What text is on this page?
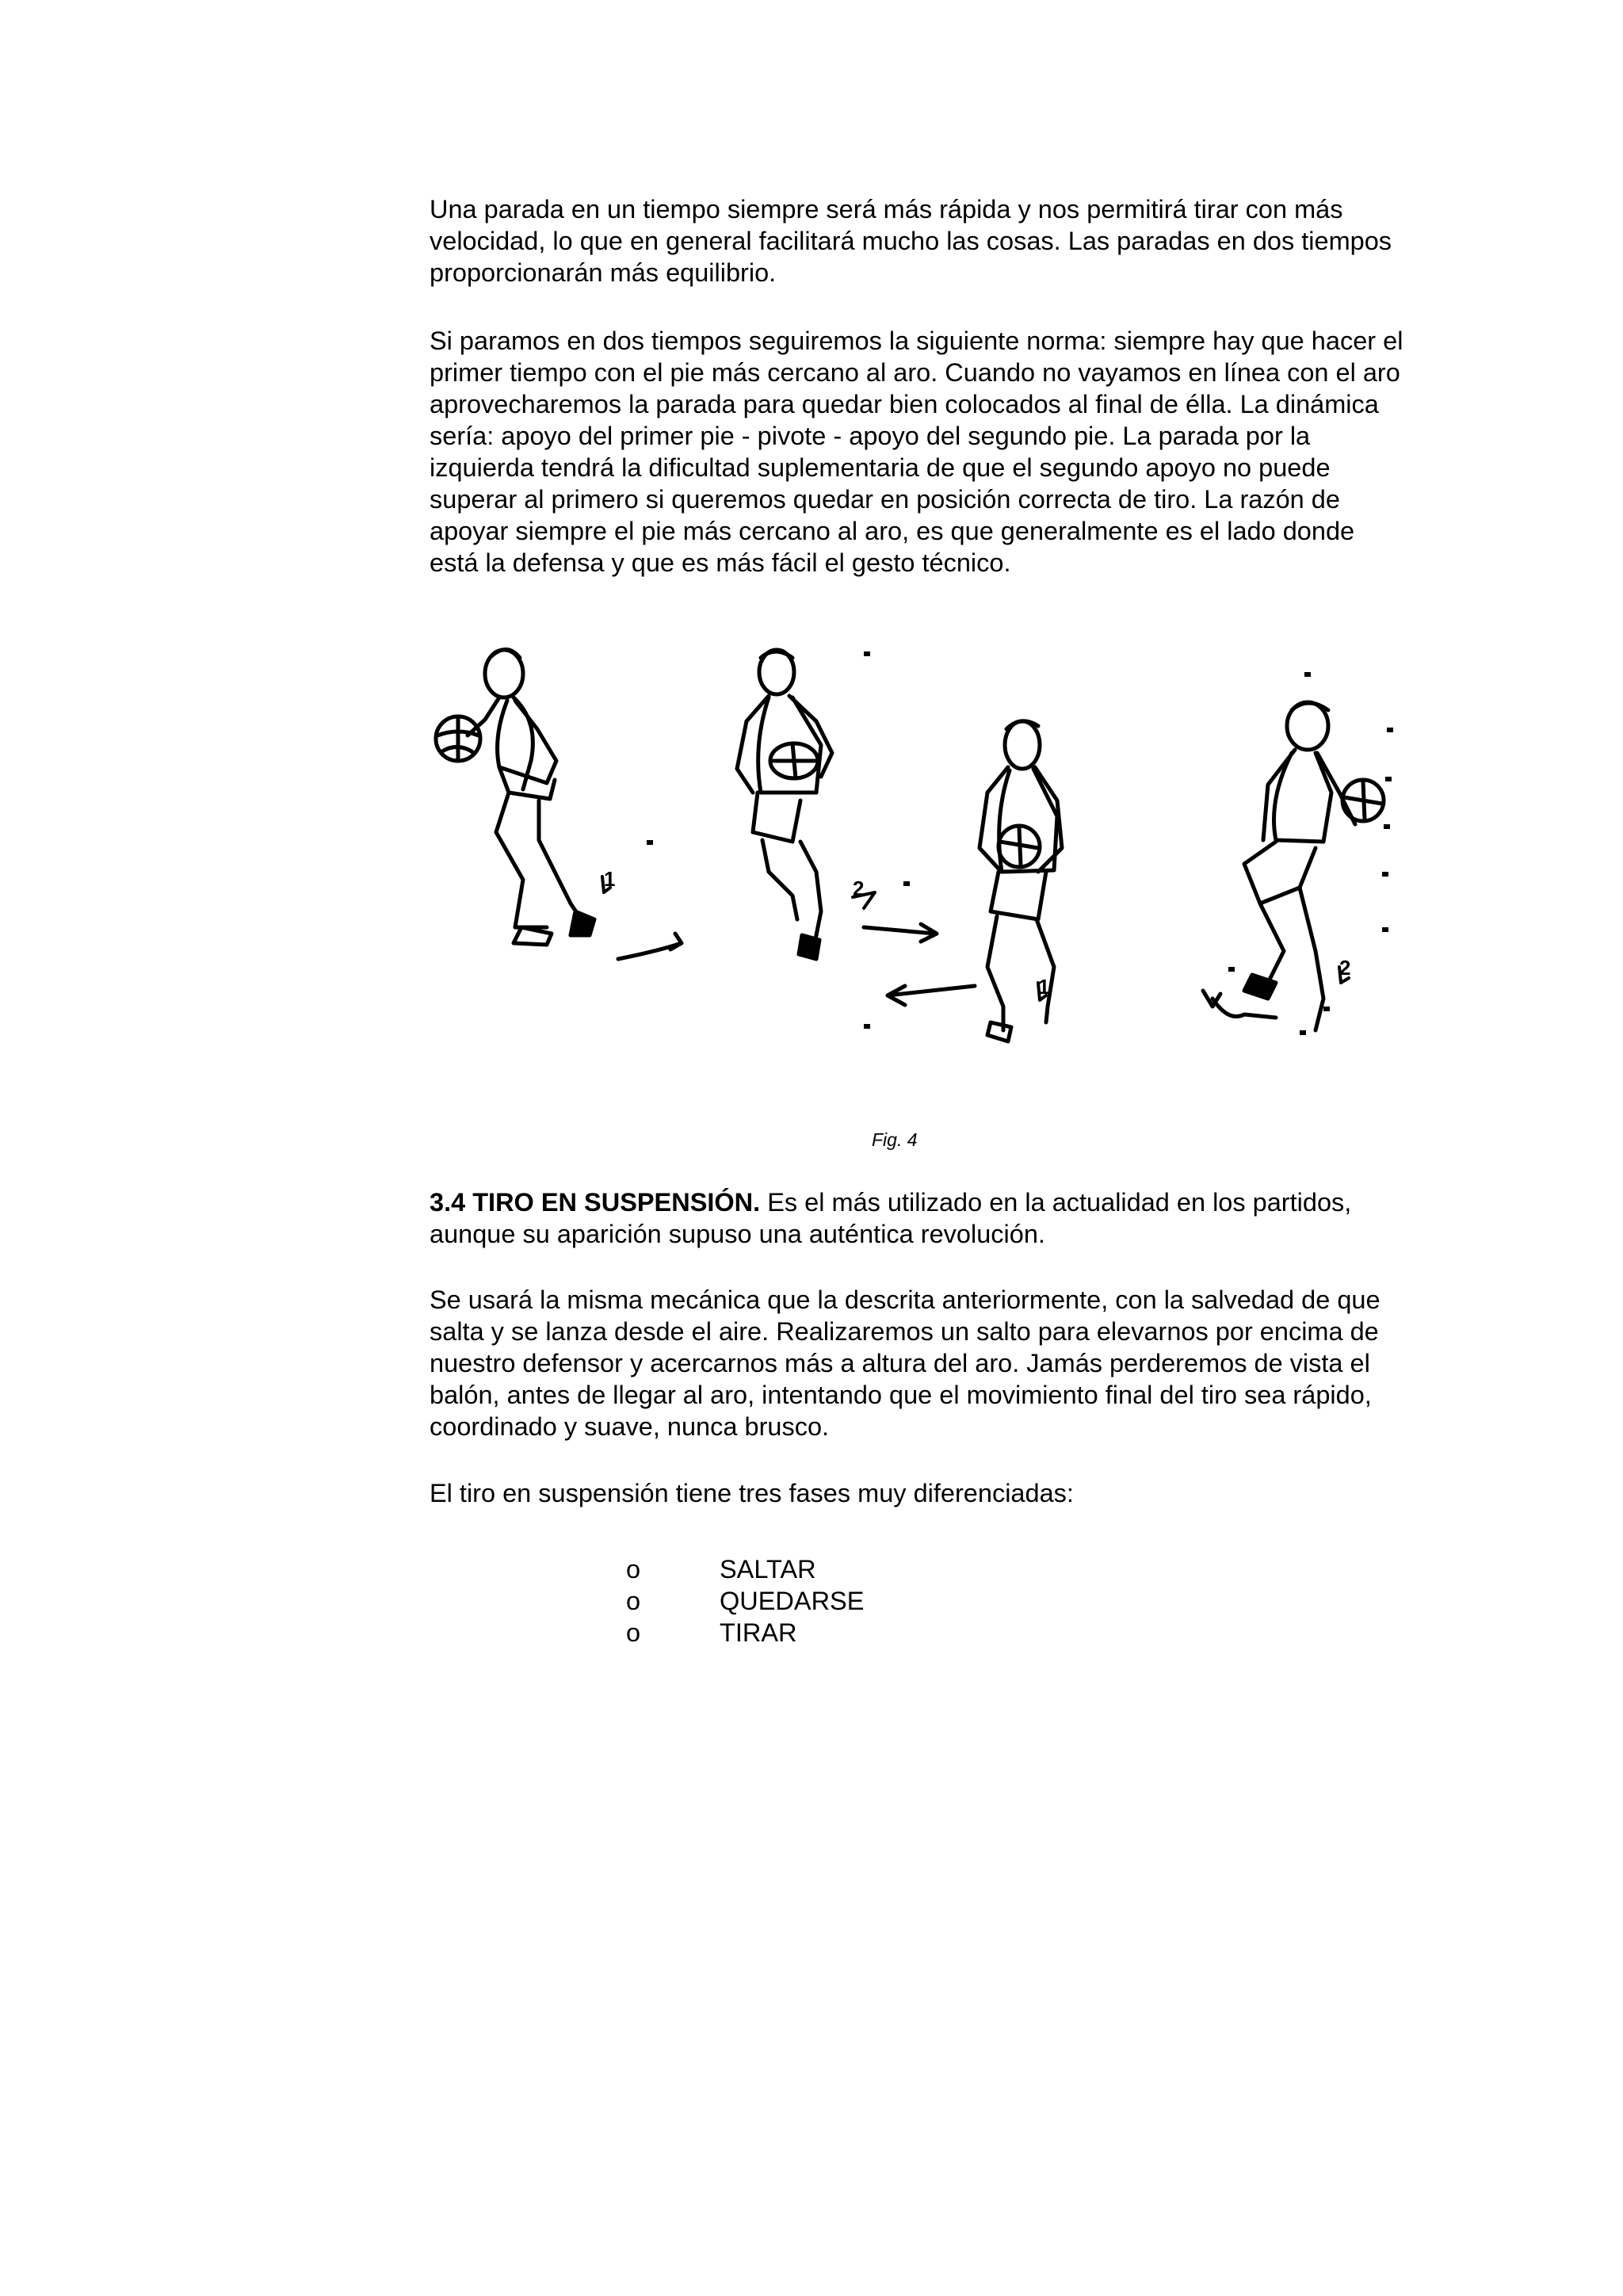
Una parada en un tiempo siempre será más rápida y nos permitirá tirar con más velocidad, lo que en general facilitará mucho las cosas. Las paradas en dos tiempos proporcionarán más equilibrio.

Si paramos en dos tiempos seguiremos la siguiente norma: siempre hay que hacer el primer tiempo con el pie más cercano al aro. Cuando no vayamos en línea con el aro aprovecharemos la parada para quedar bien colocados al final de élla. La dinámica sería: apoyo del primer pie - pivote - apoyo del segundo pie. La parada por la izquierda tendrá la dificultad suplementaria de que el segundo apoyo no puede superar al primero si queremos quedar en posición correcta de tiro. La razón de apoyar siempre el pie más cercano al aro, es que generalmente es el lado donde está la defensa y que es más fácil el gesto técnico.

1	2
1
2
Fig. 4

3.4 TIRO EN SUSPENSIÓN. Es el más utilizado en la actualidad en los partidos, aunque su aparición supuso una auténtica revolución.

Se usará la misma mecánica que la descrita anteriormente, con la salvedad de que salta y se lanza desde el aire. Realizaremos un salto para elevarnos por encima de nuestro defensor y acercarnos más a altura del aro. Jamás perderemos de vista el balón, antes de llegar al aro, intentando que el movimiento final del tiro sea rápido, coordinado y suave, nunca brusco.

El tiro en suspensión tiene tres fases muy diferenciadas:

o	SALTAR
o	QUEDARSE
o	TIRAR
